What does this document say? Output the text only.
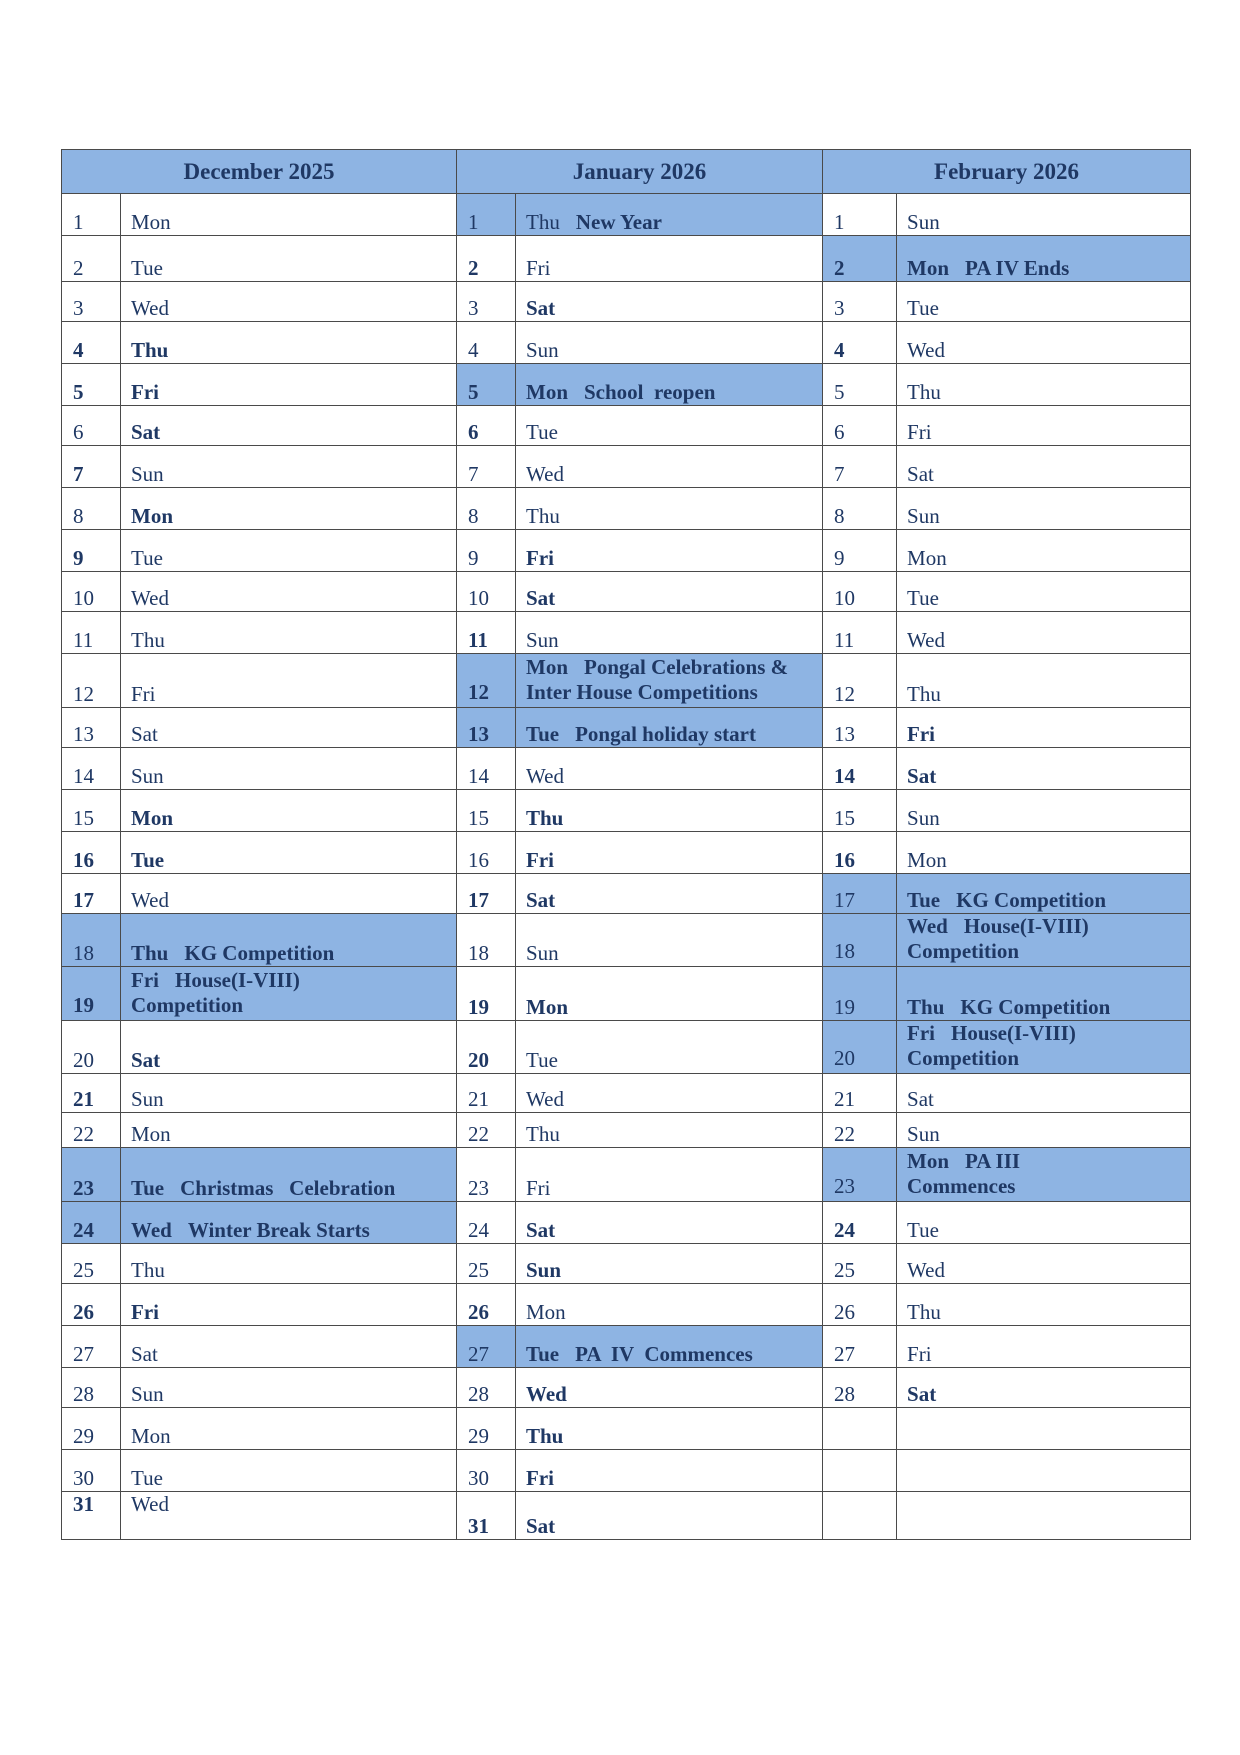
December 2025		January 2026		February 2026	
1	Mon	1	Thu New Year	1	Sun

2	Tue	2	Fri	2	Mon PA IV Ends

3	Wed	3	Sat	3	Tue

4	Thu	4	Sun	4	Wed

5	Fri	5	Mon School  reopen	5	Thu

6	Sat	6	Tue	6	Fri

7	Sun	7	Wed	7	Sat

8	Mon	8	Thu	8	Sun

9	Tue	9	Fri	9	Mon

10	Wed	10	Sat	10	Tue

11	Thu	11	Sun	11	Wed

12	Fri	12	Mon Pongal Celebrations &
Inter House Competitions	12	Thu

13	Sat	13	Tue Pongal holiday start	13	Fri

14	Sun	14	Wed	14	Sat

15	Mon	15	Thu	15	Sun

16	Tue	16	Fri	16	Mon

17	Wed	17	Sat	17	Tue KG Competition

18	Thu KG Competition	18	Sun	18	Wed House(I-VIII)
Competition

19	Fri House(I-VIII)
Competition	19	Mon	19	Thu KG Competition

20	Sat	20	Tue	20	Fri House(I-VIII)
Competition

21	Sun	21	Wed	21	Sat

22	Mon	22	Thu	22	Sun

23	Tue Christmas   Celebration	23	Fri	23	Mon PA III
Commences

24	Wed Winter Break Starts	24	Sat	24	Tue

25	Thu	25	Sun	25	Wed

26	Fri	26	Mon	26	Thu

27	Sat	27	Tue PA  IV  Commences	27	Fri

28	Sun	28	Wed	28	Sat

29	Mon	29	Thu		

30	Tue	30	Fri		

31	Wed	31	Sat		
